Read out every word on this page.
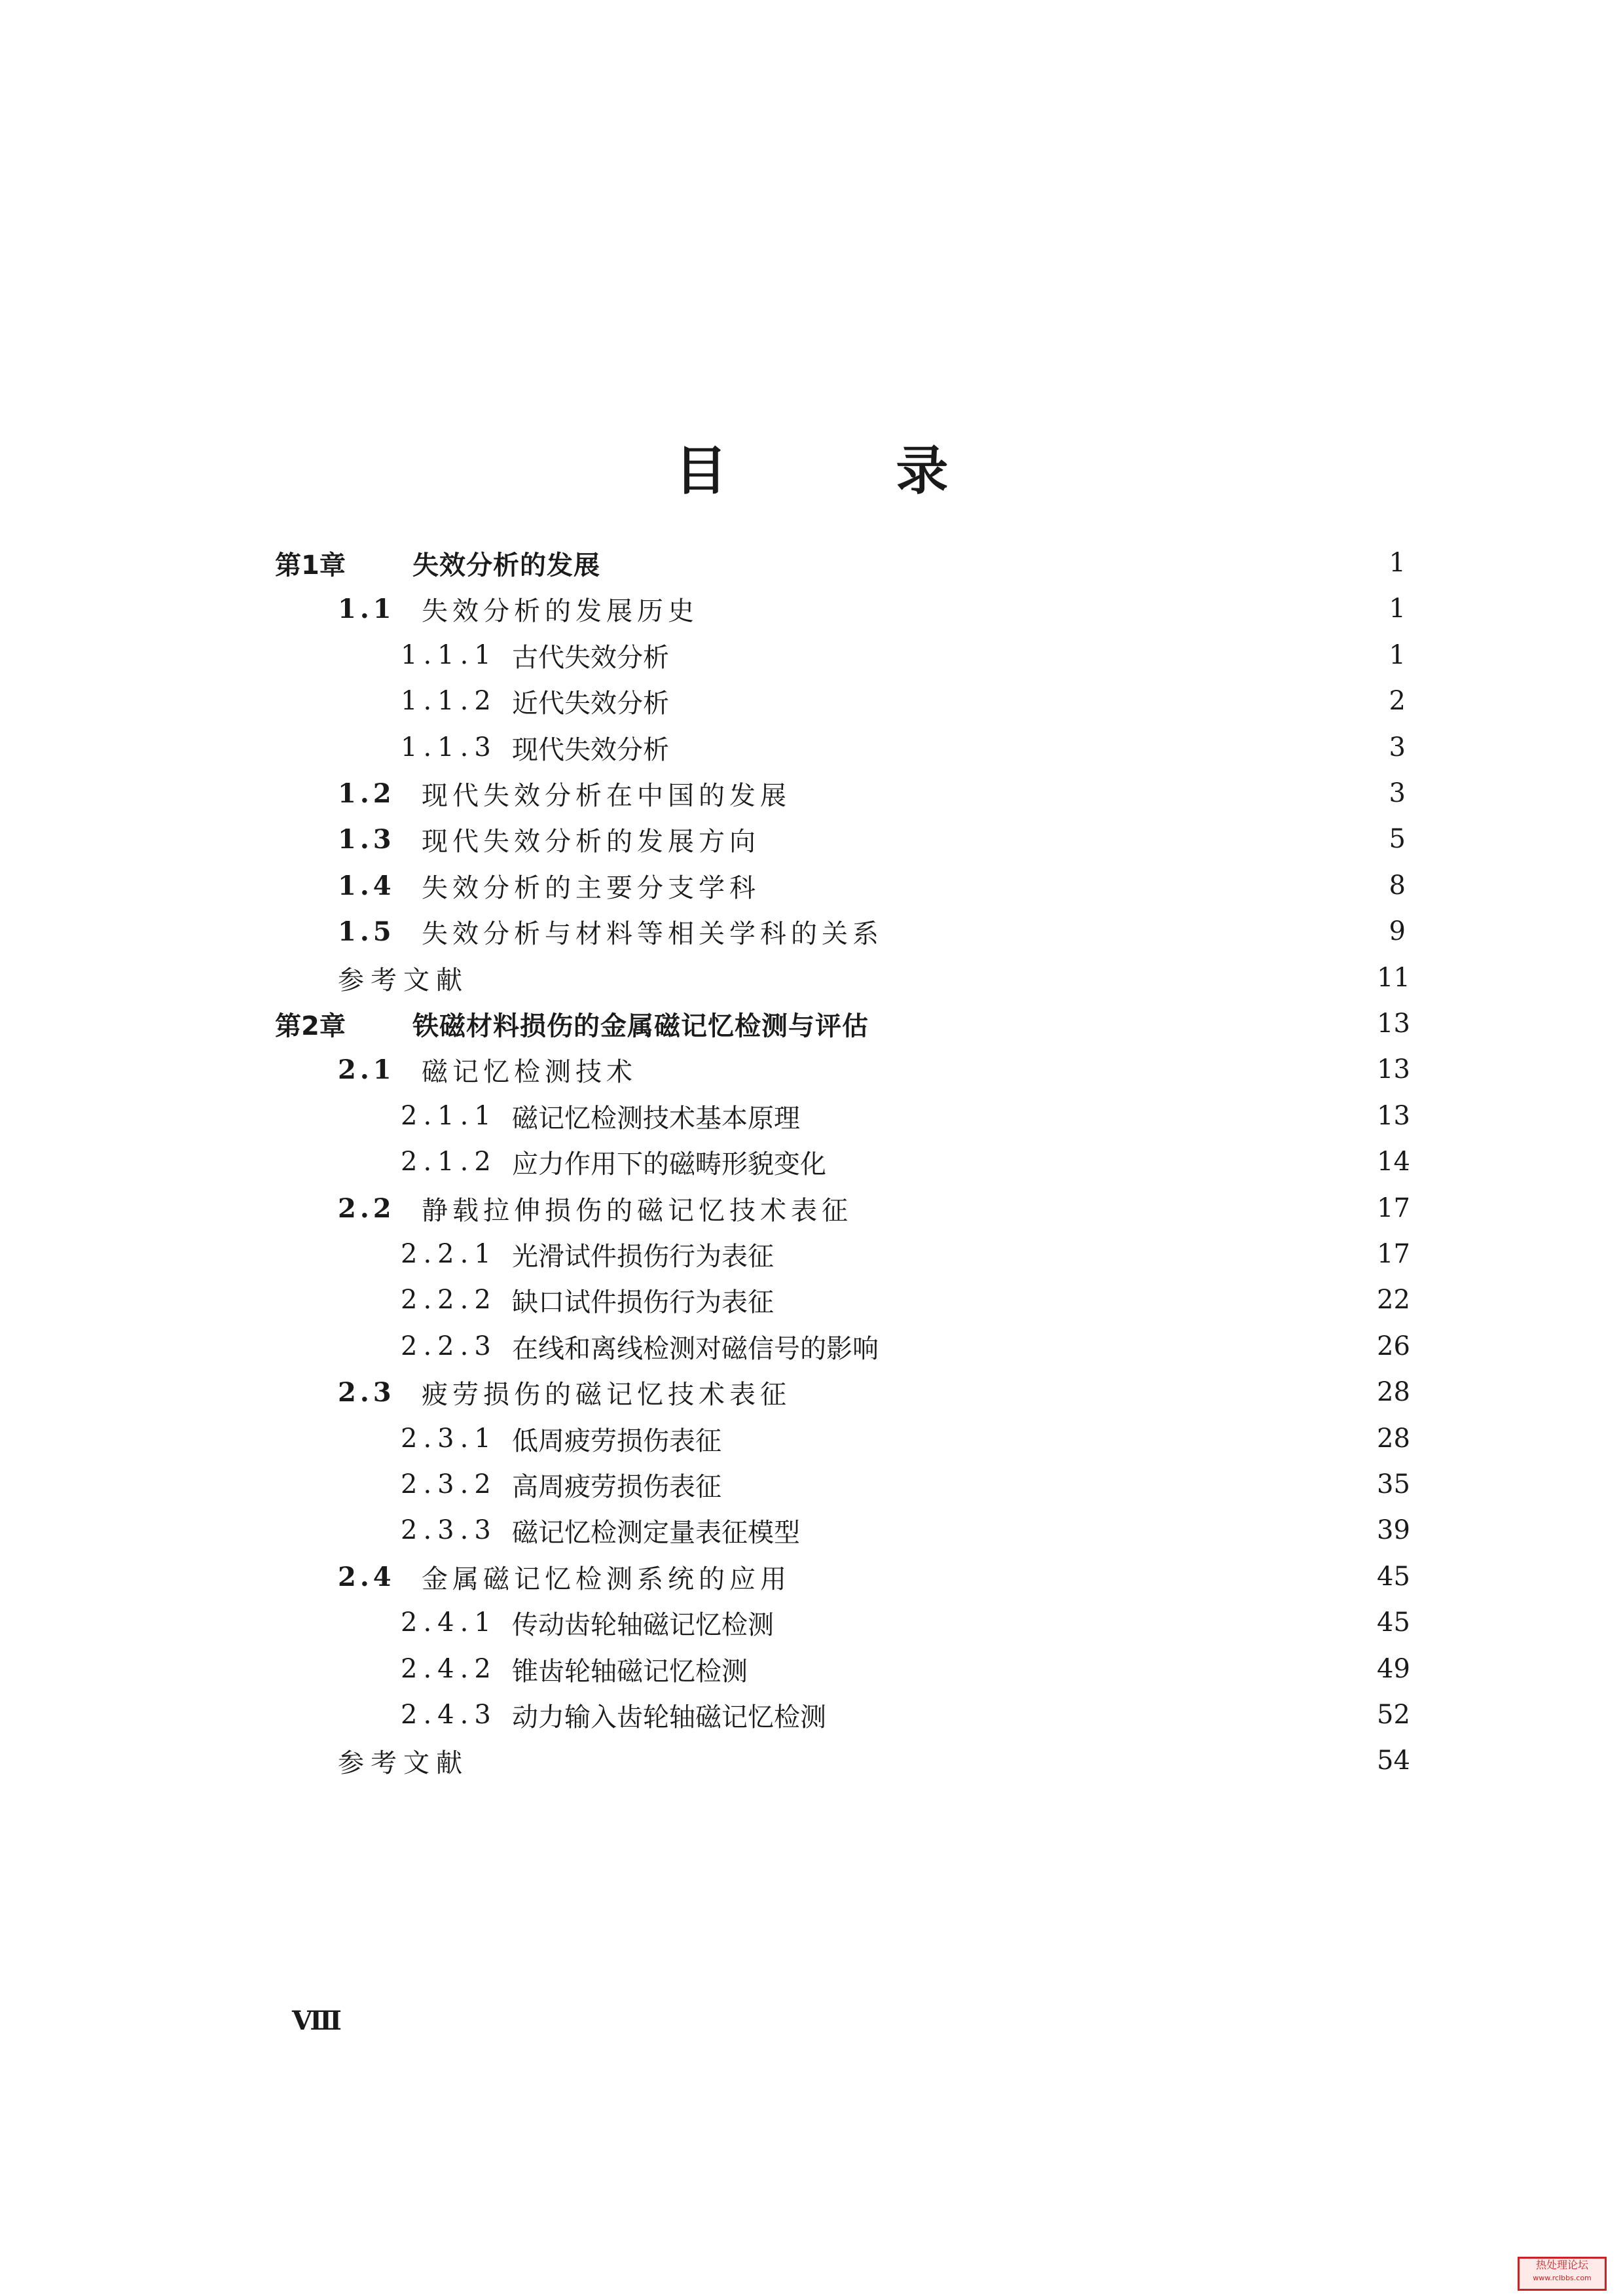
目 录
第1章	失效分析的发展	1
1.1	失效分析的发展历史	1
1.1.1 古代失效分析	1
1.1.2 近代失效分析	2
1.1.3 现代失效分析	3
1.2	现代失效分析在中国的发展	3
1.3	现代失效分析的发展方向	5
1.4	失效分析的主要分支学科	8
1.5	失效分析与材料等相关学科的关系	9
参考文献	11
第2章	铁磁材料损伤的金属磁记忆检测与评估	13
2.1	磁记忆检测技术	13
2.1.1 磁记忆检测技术基本原理	13
2.1.2 应力作用下的磁畴形貌变化	14
2.2	静载拉伸损伤的磁记忆技术表征	17
2.2.1 光滑试件损伤行为表征	17
2.2.2 缺口试件损伤行为表征	22
2.2.3 在线和离线检测对磁信号的影响	26
2.3	疲劳损伤的磁记忆技术表征	28
2.3.1 低周疲劳损伤表征	28
2.3.2 高周疲劳损伤表征	35
2.3.3 磁记忆检测定量表征模型	39
2.4	金属磁记忆检测系统的应用	45
2.4.1 传动齿轮轴磁记忆检测	45
2.4.2 锥齿轮轴磁记忆检测	49
2.4.3 动力输入齿轮轴磁记忆检测	52
参考文献	54
Ⅷ
热处理论坛
www.rclbbs.com
